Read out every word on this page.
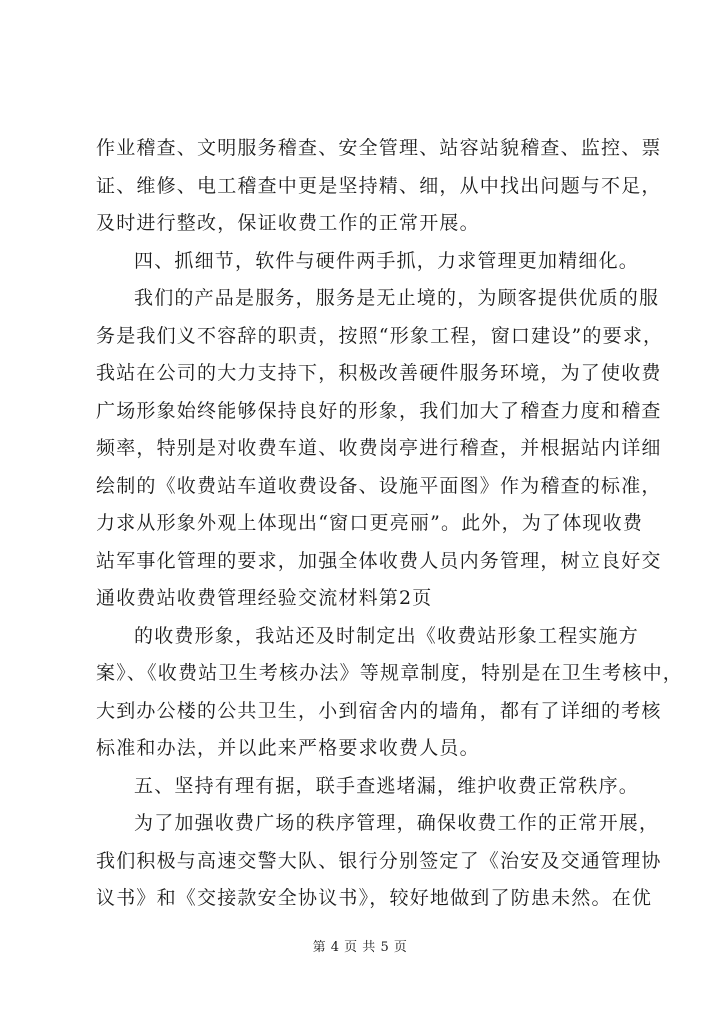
作业稽查、文明服务稽查、安全管理、站容站貌稽查、监控、票
证、维修、电工稽查中更是坚持精、细，从中找出问题与不足，
及时进行整改，保证收费工作的正常开展。
四、抓细节，软件与硬件两手抓，力求管理更加精细化。
我们的产品是服务，服务是无止境的，为顾客提供优质的服
务是我们义不容辞的职责，按照“形象工程，窗口建设”的要求，
我站在公司的大力支持下，积极改善硬件服务环境，为了使收费
广场形象始终能够保持良好的形象，我们加大了稽查力度和稽查
频率，特别是对收费车道、收费岗亭进行稽查，并根据站内详细
绘制的《收费站车道收费设备、设施平面图》作为稽查的标准，
力求从形象外观上体现出“窗口更亮丽”。此外，为了体现收费
站军事化管理的要求，加强全体收费人员内务管理，树立良好交
通收费站收费管理经验交流材料第2页
的收费形象，我站还及时制定出《收费站形象工程实施方
案》、《收费站卫生考核办法》等规章制度，特别是在卫生考核中，
大到办公楼的公共卫生，小到宿舍内的墙角，都有了详细的考核
标准和办法，并以此来严格要求收费人员。
五、坚持有理有据，联手查逃堵漏，维护收费正常秩序。
为了加强收费广场的秩序管理，确保收费工作的正常开展，
我们积极与高速交警大队、银行分别签定了《治安及交通管理协
议书》和《交接款安全协议书》，较好地做到了防患未然。在优
第 4 页 共 5 页
